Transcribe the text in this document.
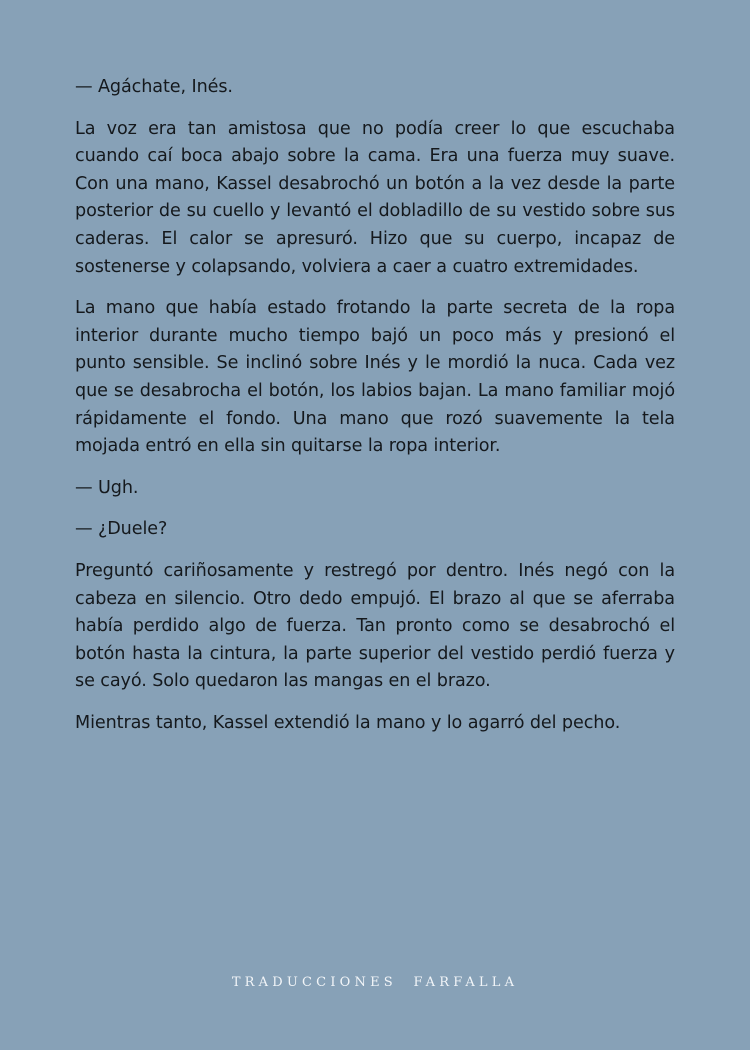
— Agáchate, Inés.

La voz era tan amistosa que no podía creer lo que escuchaba cuando caí boca abajo sobre la cama. Era una fuerza muy suave. Con una mano, Kassel desabrochó un botón a la vez desde la parte posterior de su cuello y levantó el dobladillo de su vestido sobre sus caderas. El calor se apresuró. Hizo que su cuerpo, incapaz de sostenerse y colapsando, volviera a caer a cuatro extremidades.

La mano que había estado frotando la parte secreta de la ropa interior durante mucho tiempo bajó un poco más y presionó el punto sensible. Se inclinó sobre Inés y le mordió la nuca. Cada vez que se desabrocha el botón, los labios bajan. La mano familiar mojó rápidamente el fondo. Una mano que rozó suavemente la tela mojada entró en ella sin quitarse la ropa interior.

— Ugh.

— ¿Duele?

Preguntó cariñosamente y restregó por dentro. Inés negó con la cabeza en silencio. Otro dedo empujó. El brazo al que se aferraba había perdido algo de fuerza. Tan pronto como se desabrochó el botón hasta la cintura, la parte superior del vestido perdió fuerza y se cayó. Solo quedaron las mangas en el brazo.

Mientras tanto, Kassel extendió la mano y lo agarró del pecho.

TRADUCCIONES  FARFALLA
